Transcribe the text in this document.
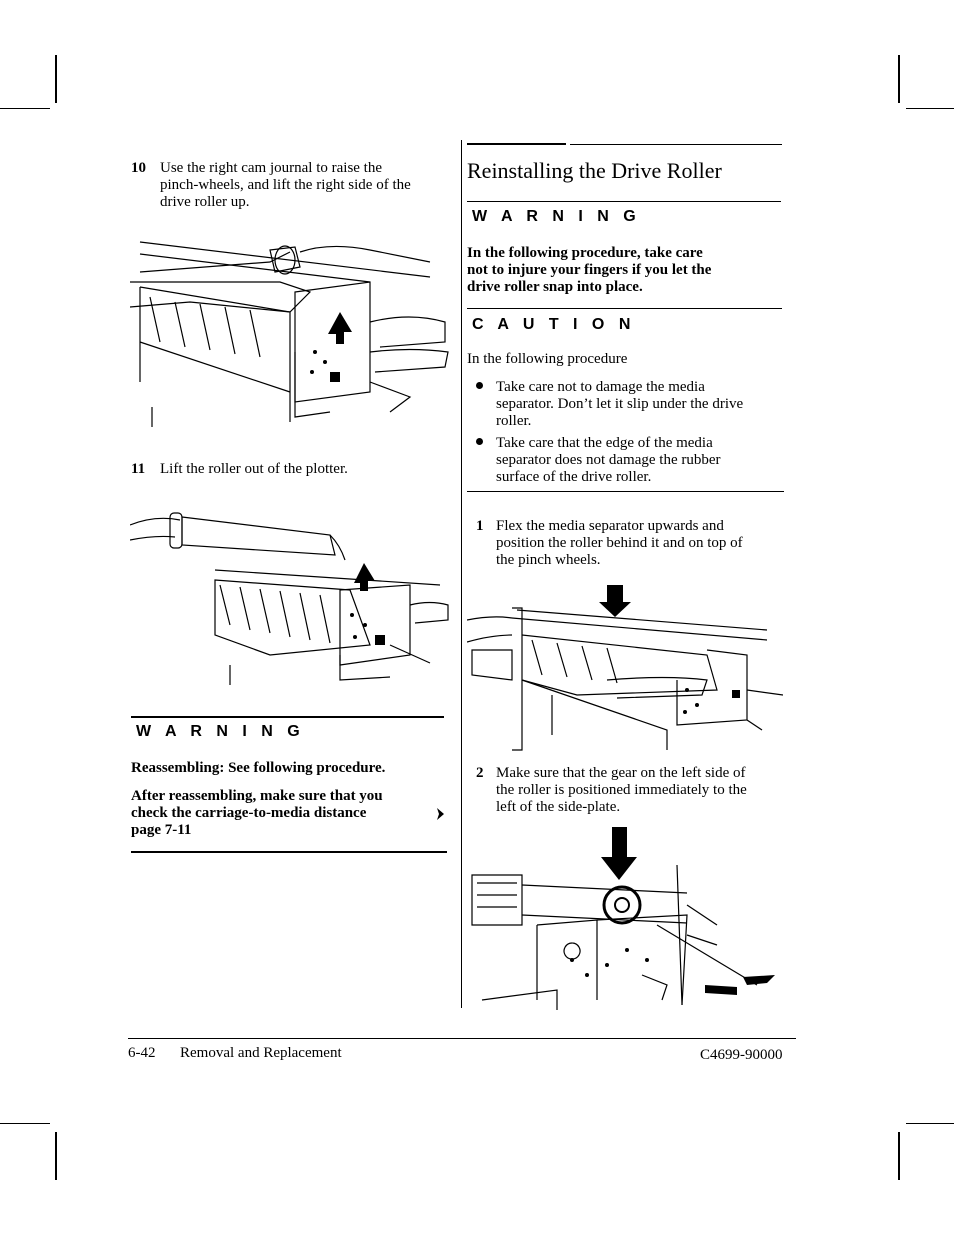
10 Use the right cam journal to raise the
pinch-wheels, and lift the right side of the
drive roller up.
11 Lift the roller out of the plotter.
W A R N I N G
Reassembling: See following procedure.
After reassembling, make sure that you
check the carriage-to-media distance
page 7-11
Reinstalling the Drive Roller
W A R N I N G
In the following procedure, take care
not to injure your fingers if you let the
drive roller snap into place.
C A U T I O N
In the following procedure
Take care not to damage the media
separator. Don’t let it slip under the drive
roller.
Take care that the edge of the media
separator does not damage the rubber
surface of the drive roller.
1 Flex the media separator upwards and
position the roller behind it and on top of
the pinch wheels.
2 Make sure that the gear on the left side of
the roller is positioned immediately to the
left of the side-plate.
6-42 Removal and Replacement	C4699-90000
